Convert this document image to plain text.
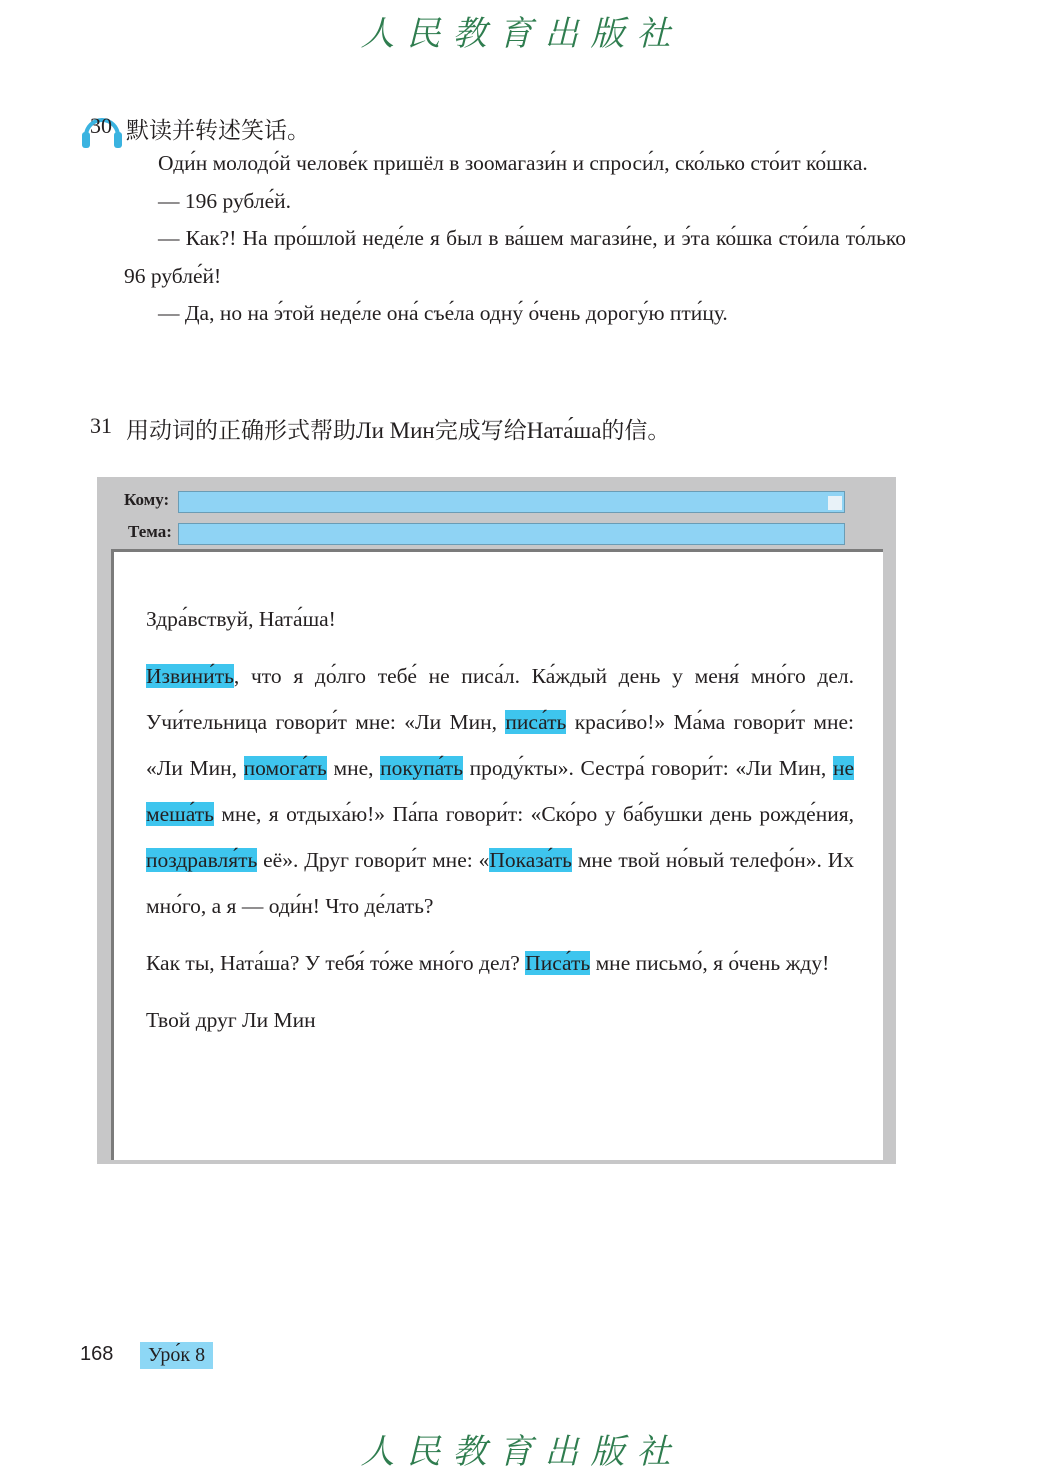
人民教育出版社
30 默读并转述笑话。

Оди́н молодо́й челове́к пришёл в зоомагази́н и спроси́л, ско́лько сто́ит ко́шка.

— 196 рубле́й.

— Как?! На про́шлой неде́ле я был в ва́шем магази́не, и э́та ко́шка сто́ила то́лько 96 рубле́й!

— Да, но на э́той неде́ле она́ съе́ла одну́ о́чень дорогу́ю пти́цу.

31 用动词的正确形式帮助Ли Мин完成写给Ната́ша的信。
Кому:
Тема:

Здра́вствуй, Ната́ша!

Извини́ть, что я до́лго тебе́ не писа́л. Ка́ждый день у меня́ мно́го дел. Учи́тельница говори́т мне: «Ли Мин, писа́ть краси́во!» Ма́ма говори́т мне: «Ли Мин, помога́ть мне, покупа́ть проду́кты». Сестра́ говори́т: «Ли Мин, не меша́ть мне, я отдыха́ю!» Па́па говори́т: «Ско́ро у ба́бушки день рожде́ния, поздравля́ть её». Друг говори́т мне: «Показа́ть мне твой но́вый телефо́н». Их мно́го, а я — оди́н! Что де́лать?

Как ты, Ната́ша? У тебя́ то́же мно́го дел? Писа́ть мне письмо́, я о́чень жду!

Твой друг Ли Мин

168	Уро́к 8
人民教育出版社
